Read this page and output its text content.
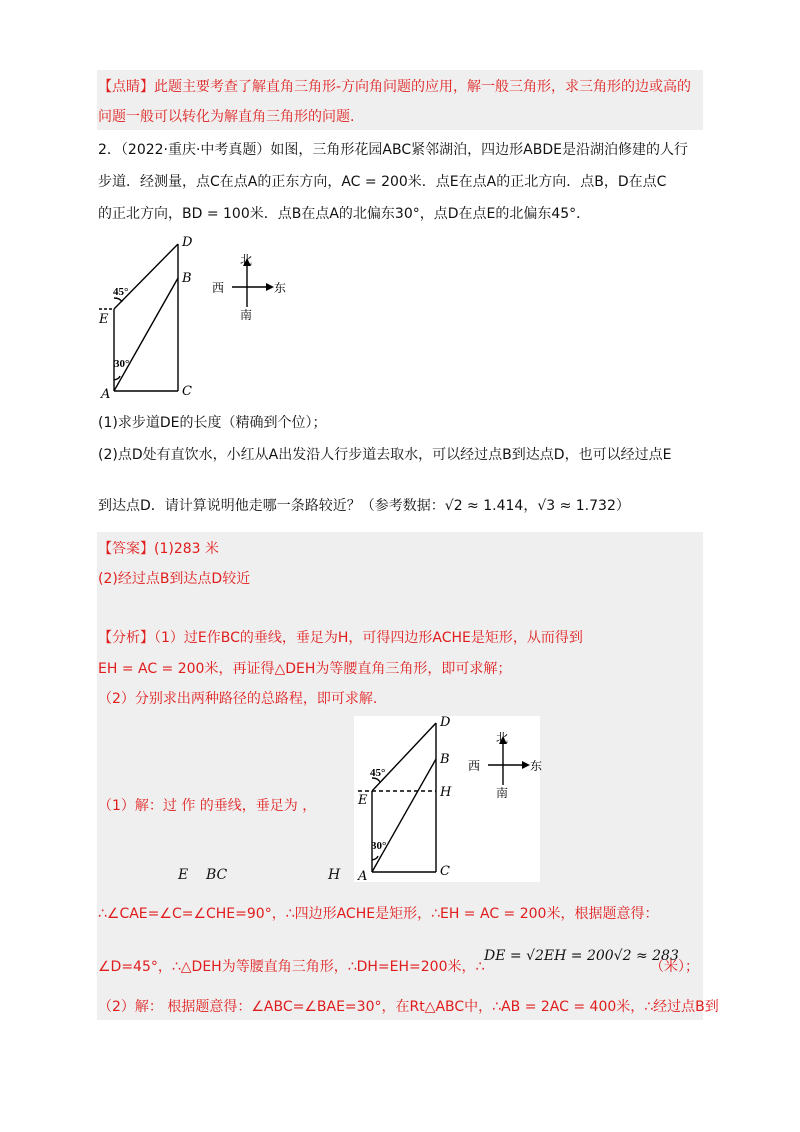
【点睛】此题主要考查了解直角三角形-方向角问题的应用，解一般三角形，求三角形的边或高的
问题一般可以转化为解直角三角形的问题.
2．（2022·重庆·中考真题）如图，三角形花园ABC紧邻湖泊，四边形ABDE是沿湖泊修建的人行
步道．经测量，点C在点A的正东方向，AC = 200米．点E在点A的正北方向．点B，D在点C
的正北方向，BD = 100米．点B在点A的北偏东30°，点D在点E的北偏东45°．
D
B
E
A	C
45°
30°
北
西	东
南
(1)求步道DE的长度（精确到个位）；
(2)点D处有直饮水，小红从A出发沿人行步道去取水，可以经过点B到达点D，也可以经过点E
到达点D．请计算说明他走哪一条路较近？（参考数据：√2 ≈ 1.414，√3 ≈ 1.732）
【答案】(1)283 米
(2)经过点B到达点D较近
【分析】（1）过E作BC的垂线，垂足为H，可得四边形ACHE是矩形，从而得到
EH = AC = 200米，再证得△DEH为等腰直角三角形，即可求解；
（2）分别求出两种路径的总路程，即可求解.
D
B
H
E
A	C
45°
30°
北
西	东
南
（1）解：过 作 的垂线，垂足为 ，
E BC	H
∴∠CAE=∠C=∠CHE=90°，∴四边形ACHE是矩形，∴EH = AC = 200米，根据题意得：
∠D=45°，∴△DEH为等腰直角三角形，∴DH=EH=200米，∴
DE = √2EH = 200√2 ≈ 283
（米）；
（2）解： 根据题意得：∠ABC=∠BAE=30°，在Rt△ABC中，∴AB = 2AC = 400米，∴经过点B到
